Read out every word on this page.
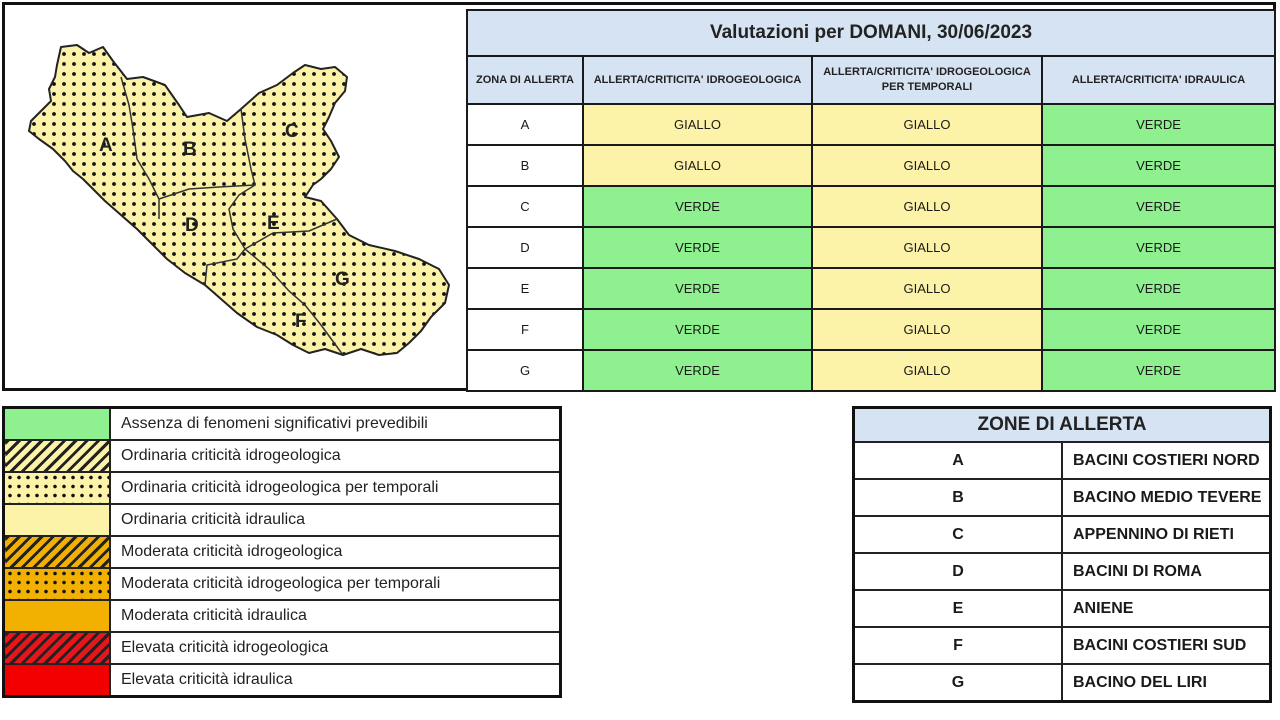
A	B
C
D	E
G
F
Valutazioni per DOMANI, 30/06/2023			
ZONA DI ALLERTA	ALLERTA/CRITICITA' IDROGEOLOGICA	ALLERTA/CRITICITA' IDROGEOLOGICA PER TEMPORALI	ALLERTA/CRITICITA' IDRAULICA
A	GIALLO	GIALLO	VERDE
B	GIALLO	GIALLO	VERDE
C	VERDE	GIALLO	VERDE
D	VERDE	GIALLO	VERDE
E	VERDE	GIALLO	VERDE
F	VERDE	GIALLO	VERDE
G	VERDE	GIALLO	VERDE
	Assenza di fenomeni significativi prevedibili
	Ordinaria criticità idrogeologica
	Ordinaria criticità idrogeologica per temporali
	Ordinaria criticità idraulica
	Moderata criticità idrogeologica
	Moderata criticità idrogeologica per temporali
	Moderata criticità idraulica
	Elevata criticità idrogeologica
	Elevata criticità idraulica
ZONE DI ALLERTA	
A	BACINI COSTIERI NORD
B	BACINO MEDIO TEVERE
C	APPENNINO DI RIETI
D	BACINI DI ROMA
E	ANIENE
F	BACINI COSTIERI SUD
G	BACINO DEL LIRI
